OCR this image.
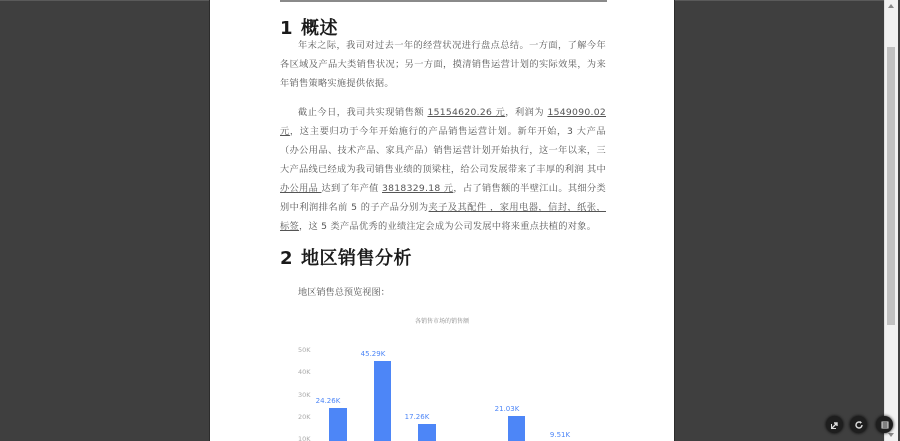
1 概述

年末之际，我司对过去一年的经营状况进行盘点总结。一方面，了解今年各区域及产品大类销售状况；另一方面，摸清销售运营计划的实际效果，为来年销售策略实施提供依据。

截止今日，我司共实现销售额 15154620.26 元，利润为 1549090.02 元，这主要归功于今年开始施行的产品销售运营计划。新年开始，3 大产品（办公用品、技术产品、家具产品）销售运营计划开始执行，这一年以来，三大产品线已经成为我司销售业绩的顶梁柱，给公司发展带来了丰厚的利润 其中 办公用品 达到了年产值 3818329.18 元，占了销售额的半壁江山。其细分类别中利润排名前 5 的子产品分别为夹子及其配件 ，家用电器，信封，纸张，标签，这 5 类产品优秀的业绩注定会成为公司发展中将来重点扶植的对象。

2 地区销售分析
地区销售总预览视图：
各销售市场的销售额
50K
40K
30K
20K
10K
24.26K
45.29K
17.26K
21.03K
9.51K
